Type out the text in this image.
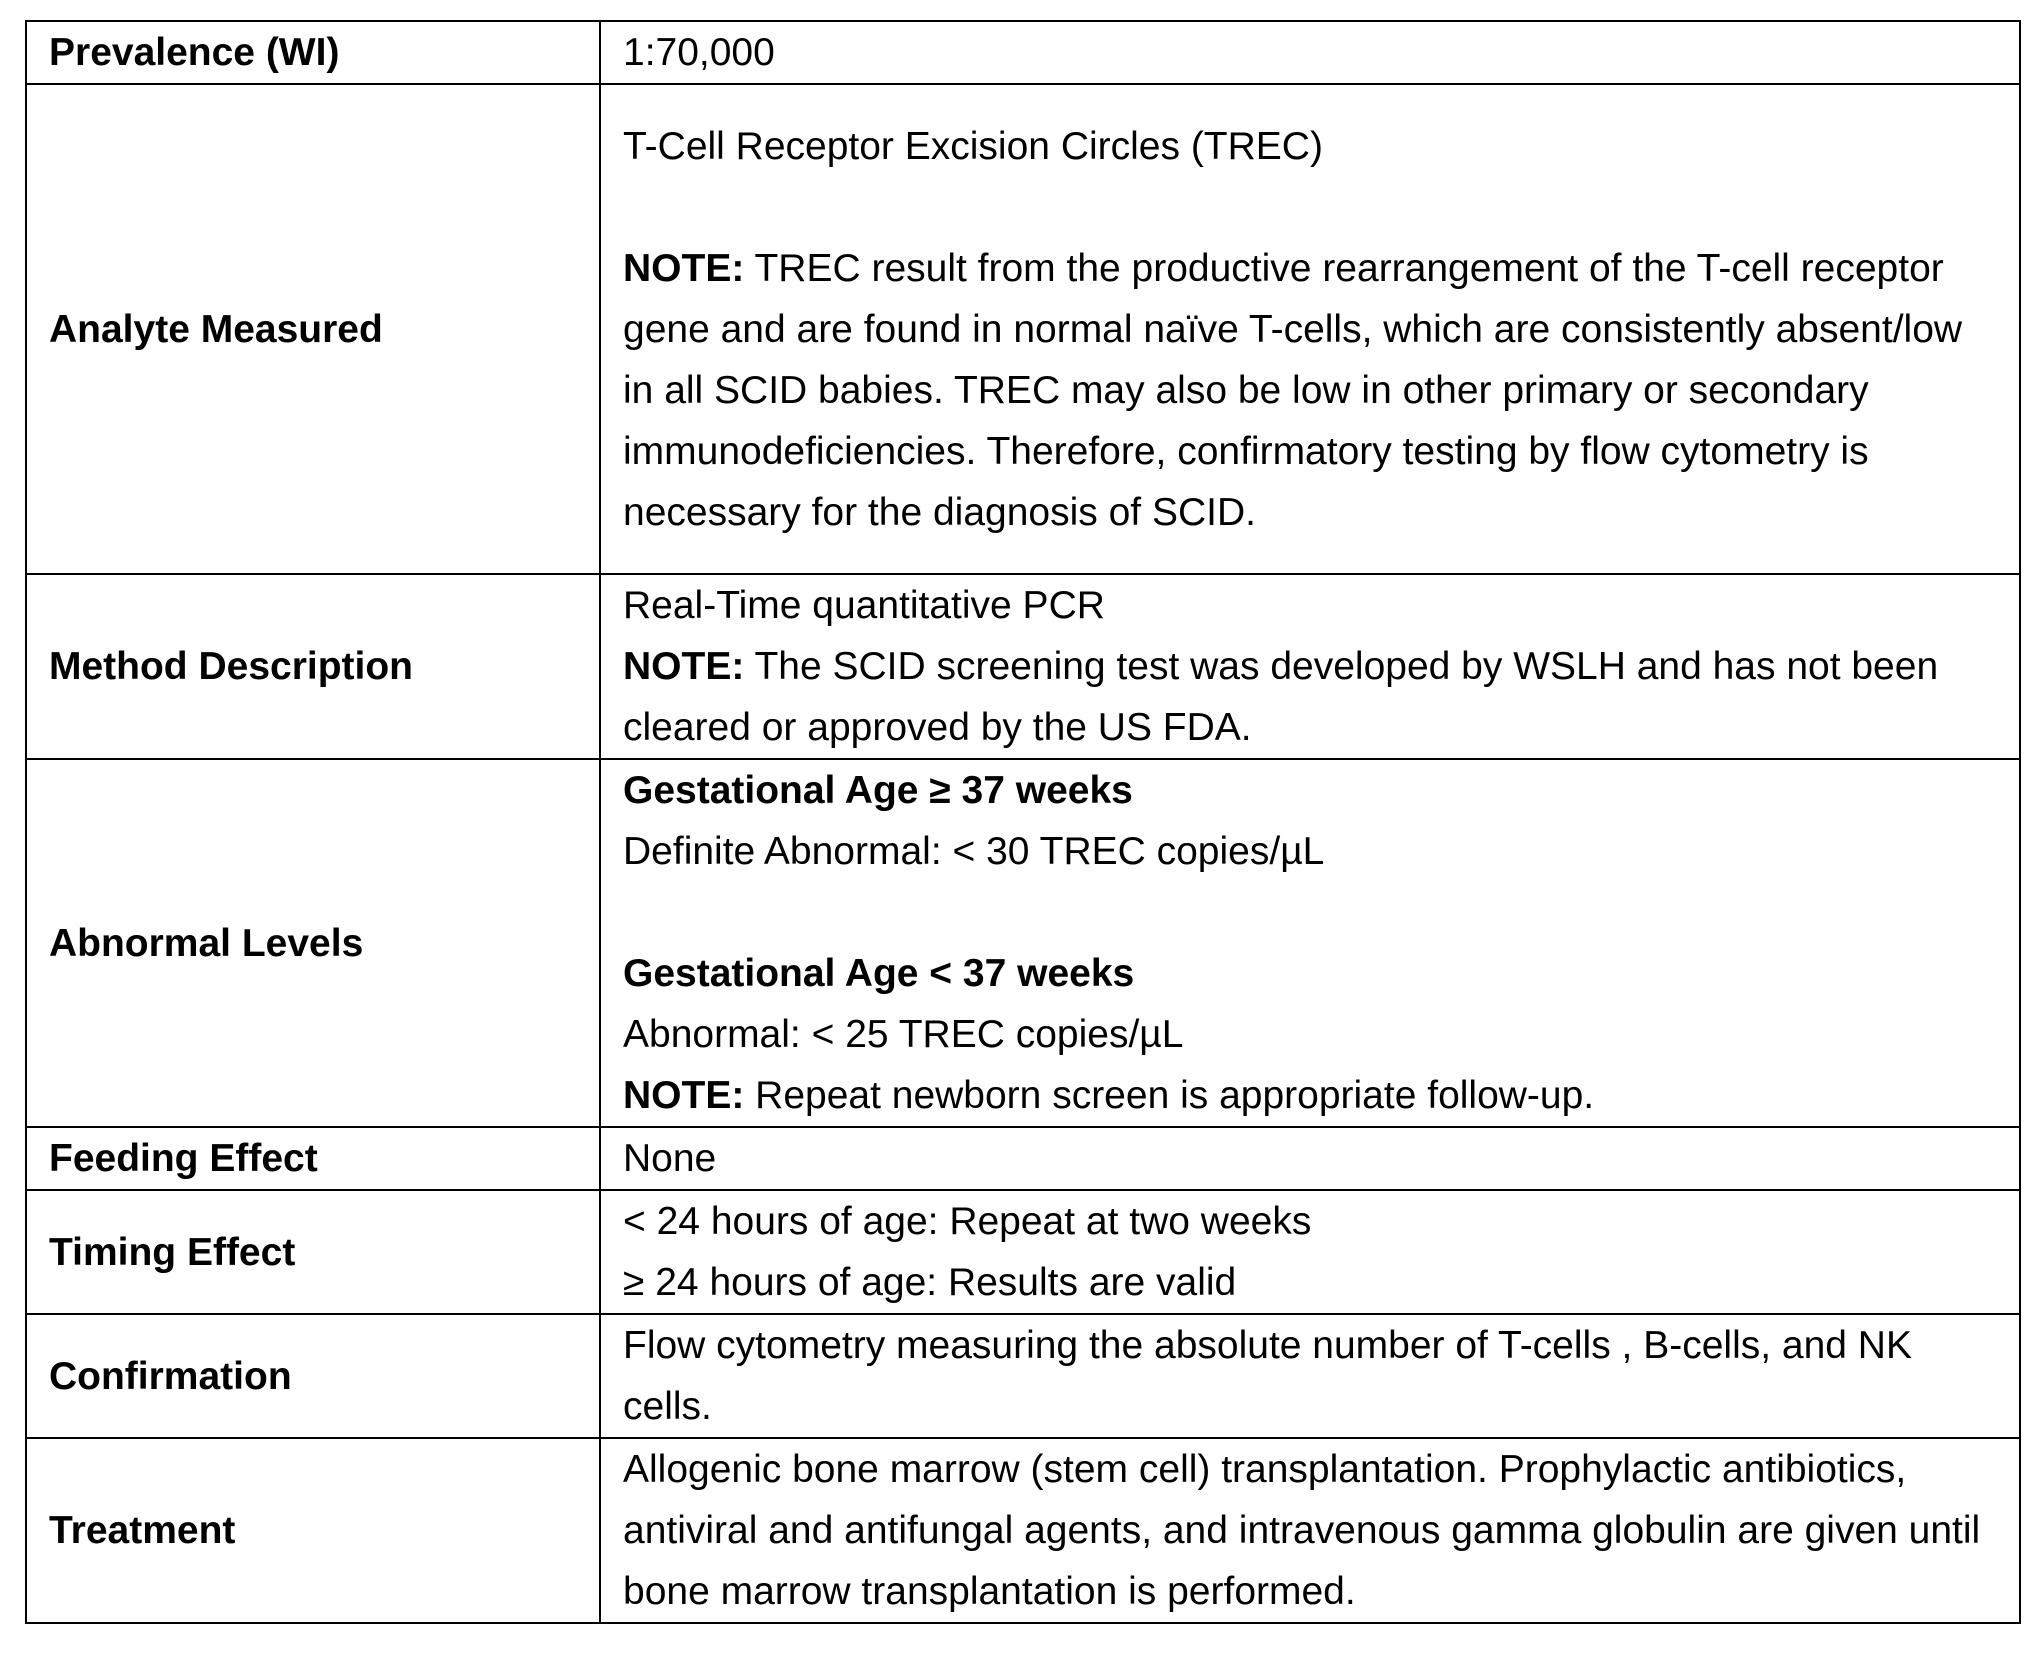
Prevalence (WI)	1:70,000
Analyte Measured	T-Cell Receptor Excision Circles (TREC)
NOTE: TREC result from the productive rearrangement of the T-cell receptor gene and are found in normal naïve T-cells, which are consistently absent/low in all SCID babies. TREC may also be low in other primary or secondary immunodeficiencies. Therefore, confirmatory testing by flow cytometry is necessary for the diagnosis of SCID.

Method Description	Real-Time quantitative PCR
NOTE: The SCID screening test was developed by WSLH and has not been cleared or approved by the US FDA.

Abnormal Levels	Gestational Age ≥ 37 weeks
Definite Abnormal: < 30 TREC copies/µL
Gestational Age < 37 weeks
Abnormal: < 25 TREC copies/µL
NOTE: Repeat newborn screen is appropriate follow-up.

Feeding Effect	None
Timing Effect	< 24 hours of age: Repeat at two weeks
≥ 24 hours of age: Results are valid

Confirmation	Flow cytometry measuring the absolute number of T-cells , B-cells, and NK cells.
Treatment	Allogenic bone marrow (stem cell) transplantation. Prophylactic antibiotics, antiviral and antifungal agents, and intravenous gamma globulin are given until bone marrow transplantation is performed.
